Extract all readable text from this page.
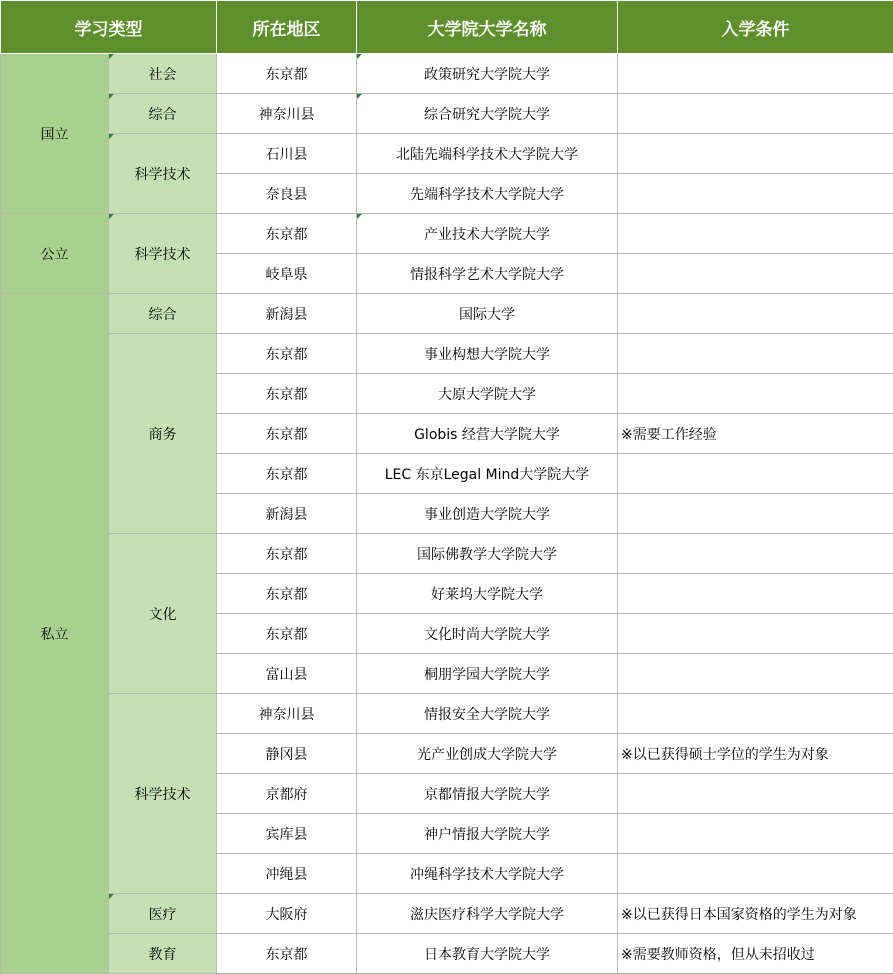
学习类型		所在地区	大学院大学名称	入学条件
国立	社会	东京都	政策研究大学院大学	
	综合	神奈川县	综合研究大学院大学	
	科学技术	石川县	北陆先端科学技术大学院大学	
		奈良县	先端科学技术大学院大学	
公立	科学技术	东京都	产业技术大学院大学	
		岐阜県	情报科学艺术大学院大学	
私立	综合	新潟县	国际大学	
	商务	东京都	事业构想大学院大学	
		东京都	大原大学院大学	
		东京都	Globis 经营大学院大学	※需要工作经验
		东京都	LEC 东京Legal Mind大学院大学	
		新潟县	事业创造大学院大学	
	文化	东京都	国际佛教学大学院大学	
		东京都	好莱坞大学院大学	
		东京都	文化时尚大学院大学	
		富山县	桐朋学园大学院大学	
	科学技术	神奈川县	情报安全大学院大学	
		静冈县	光产业创成大学院大学	※以已获得硕士学位的学生为对象
		京都府	京都情报大学院大学	
		宾库县	神户情报大学院大学	
		冲绳县	冲绳科学技术大学院大学	
	医疗	大阪府	滋庆医疗科学大学院大学	※以已获得日本国家资格的学生为对象
	教育	东京都	日本教育大学院大学	※需要教师资格，但从未招收过
